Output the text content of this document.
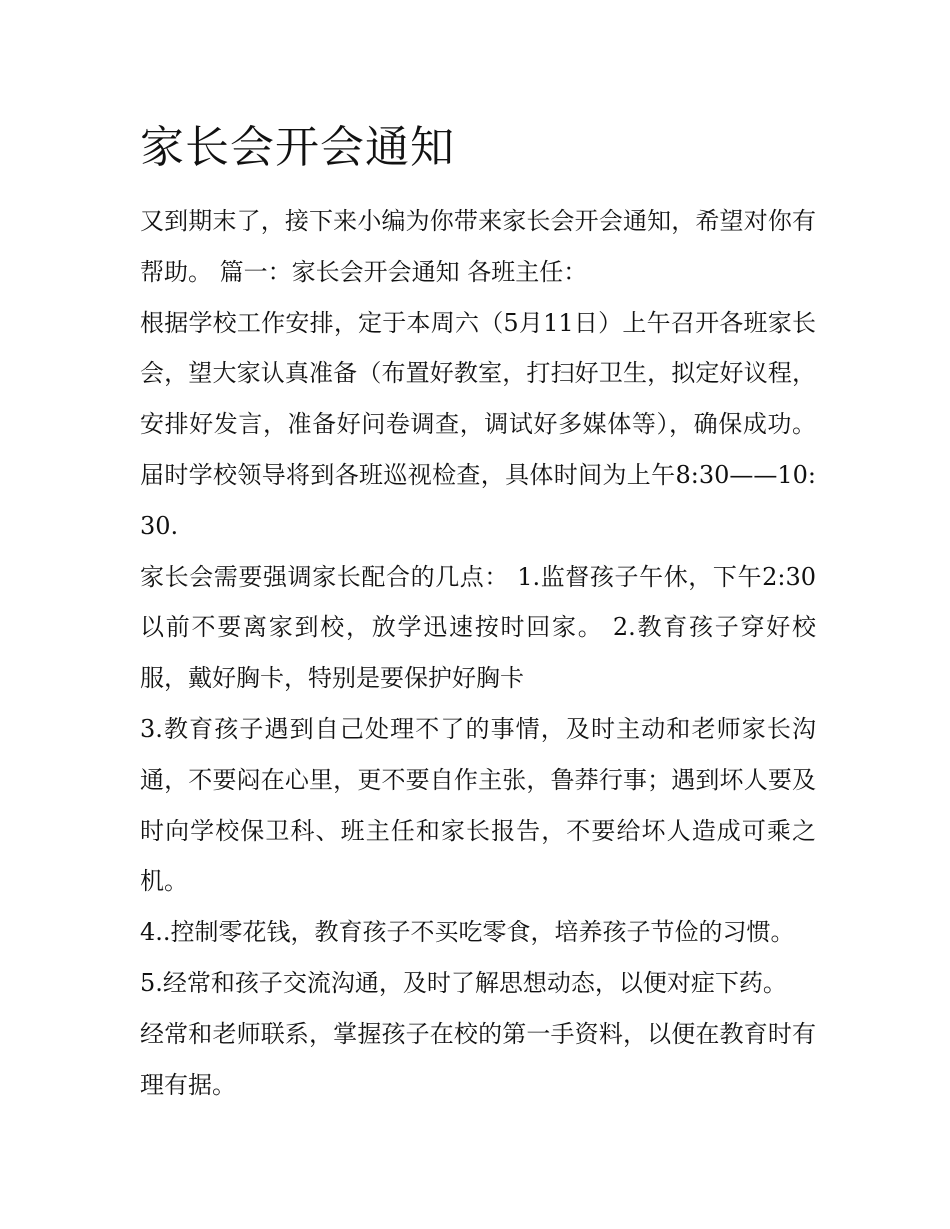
家长会开会通知

又到期末了，接下来小编为你带来家长会开会通知，希望对你有帮助。 篇一：家长会开会通知 各班主任：

根据学校工作安排，定于本周六（5月11日）上午召开各班家长会，望大家认真准备（布置好教室，打扫好卫生，拟定好议程，安排好发言，准备好问卷调查，调试好多媒体等），确保成功。届时学校领导将到各班巡视检查，具体时间为上午8:30——10:30.

家长会需要强调家长配合的几点： 1.监督孩子午休，下午2:30以前不要离家到校，放学迅速按时回家。 2.教育孩子穿好校服，戴好胸卡，特别是要保护好胸卡

3.教育孩子遇到自己处理不了的事情，及时主动和老师家长沟通，不要闷在心里，更不要自作主张，鲁莽行事；遇到坏人要及时向学校保卫科、班主任和家长报告，不要给坏人造成可乘之机。

4..控制零花钱，教育孩子不买吃零食，培养孩子节俭的习惯。

5.经常和孩子交流沟通，及时了解思想动态，以便对症下药。

经常和老师联系，掌握孩子在校的第一手资料，以便在教育时有理有据。
